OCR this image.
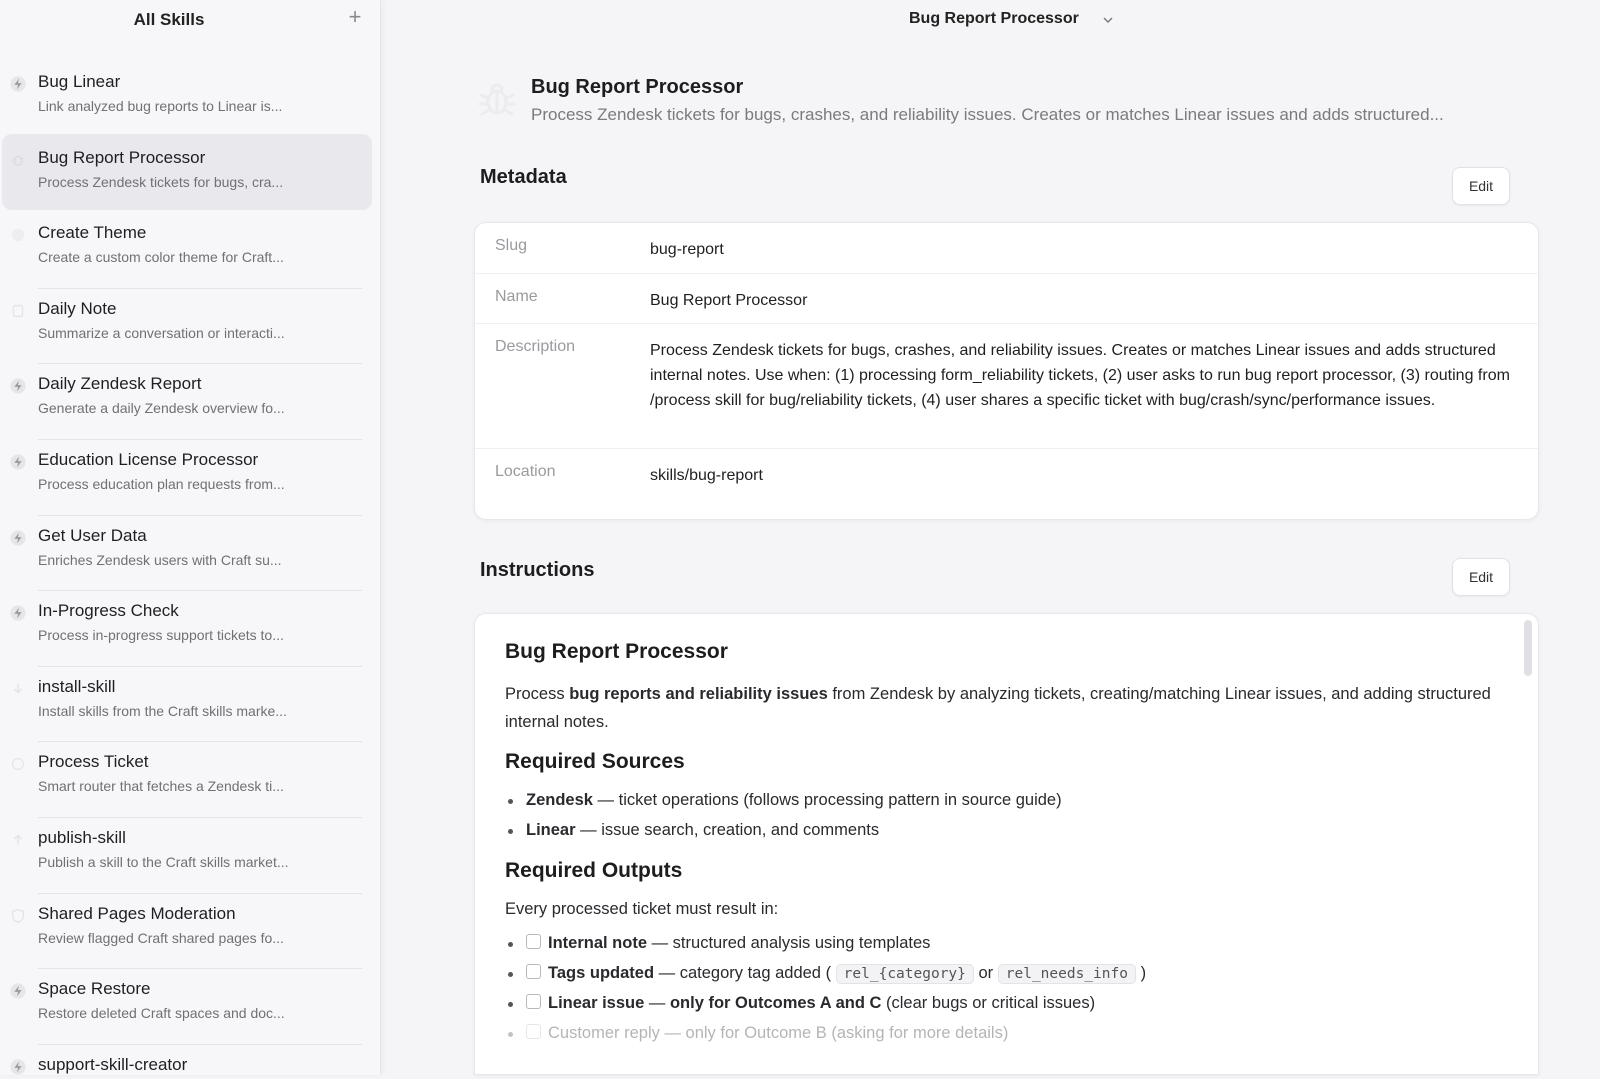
All Skills	+
Bug Linear
Link analyzed bug reports to Linear is...
Bug Report Processor
Process Zendesk tickets for bugs, cra...
Create Theme
Create a custom color theme for Craft...
Daily Note
Summarize a conversation or interacti...
Daily Zendesk Report
Generate a daily Zendesk overview fo...
Education License Processor
Process education plan requests from...
Get User Data
Enriches Zendesk users with Craft su...
In-Progress Check
Process in-progress support tickets to...
install-skill
Install skills from the Craft skills marke...
Process Ticket
Smart router that fetches a Zendesk ti...
publish-skill
Publish a skill to the Craft skills market...
Shared Pages Moderation
Review flagged Craft shared pages fo...
Space Restore
Restore deleted Craft spaces and doc...
support-skill-creator
Bug Report Processor
Bug Report Processor
Process Zendesk tickets for bugs, crashes, and reliability issues. Creates or matches Linear issues and adds structured...
Metadata	Edit
Slug	bug-report
Name	Bug Report Processor
Description	Process Zendesk tickets for bugs, crashes, and reliability issues. Creates or matches Linear issues and adds structured internal notes. Use when: (1) processing form_reliability tickets, (2) user asks to run bug report processor, (3) routing from /process skill for bug/reliability tickets, (4) user shares a specific ticket with bug/crash/sync/performance issues.
Location	skills/bug-report
Instructions	Edit
Bug Report Processor

Process bug reports and reliability issues from Zendesk by analyzing tickets, creating/matching Linear issues, and adding structured internal notes.

Required Sources
Zendesk — ticket operations (follows processing pattern in source guide)
Linear — issue search, creation, and comments
Required Outputs

Every processed ticket must result in:

Internal note — structured analysis using templates
Tags updated — category tag added ( rel_{category} or rel_needs_info )
Linear issue — only for Outcomes A and C (clear bugs or critical issues)
Customer reply — only for Outcome B (asking for more details)
